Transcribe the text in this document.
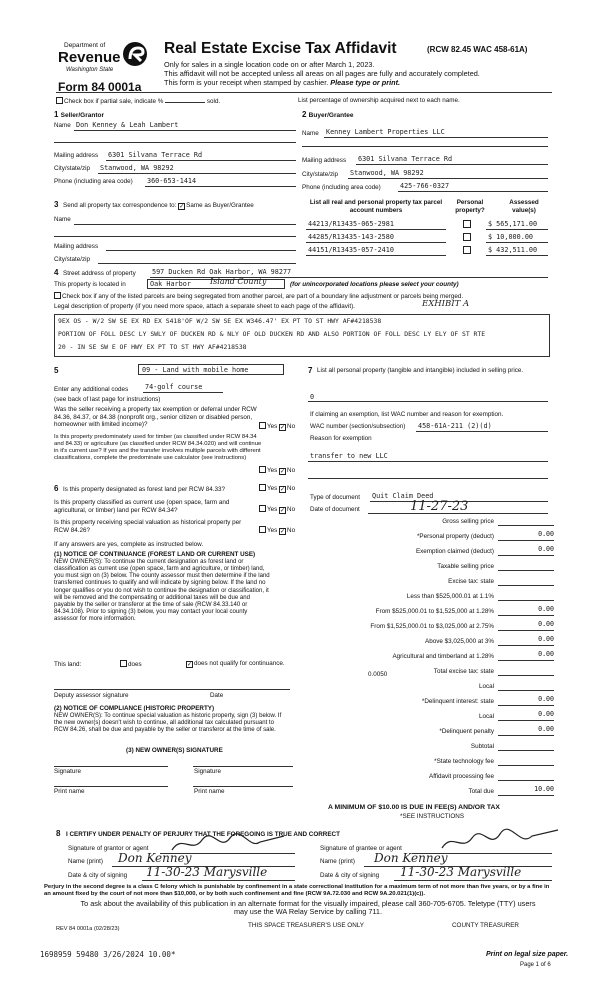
Department of
Revenue
Washington State
Form 84 0001a
Real Estate Excise Tax Affidavit	(RCW 82.45 WAC 458-61A)
Only for sales in a single location code on or after March 1, 2023.
This affidavit will not be accepted unless all areas on all pages are fully and accurately completed.
This form is your receipt when stamped by cashier. Please type or print.
Check box if partial sale, indicate %	sold.	List percentage of ownership acquired next to each name.
1 Seller/Grantor
Name Don Kenney & Leah Lambert
Mailing address 6301 Silvana Terrace Rd
City/state/zip Stanwood, WA 98292
Phone (including area code) 360-653-1414
2 Buyer/Grantee
Name Kenney Lambert Properties LLC
Mailing address 6301 Silvana Terrace Rd
City/state/zip Stanwood, WA 98292
Phone (including area code)	425-766-0327
3 Send all property tax correspondence to: ✓ Same as Buyer/Grantee
Name
Mailing address
City/state/zip
List all real and personal property tax parcel account numbers
Personal property?
Assessed value(s)
44213/R13435-065-2981	$ 565,171.00
44285/R13435-143-2580	$ 10,000.00
44151/R13435-057-2410	$ 432,511.00
4 Street address of property 597 Ducken Rd Oak Harbor, WA 98277
This property is located in	Oak Harbor Island County	(for unincorporated locations please select your county)
Check box if any of the listed parcels are being segregated from another parcel, are part of a boundary line adjustment or parcels being merged.
Legal description of property (if you need more space, attach a separate sheet to each page of the affidavit).	EXHIBIT A
9EX OS - W/2 SW SE EX RD EX S418'OF W/2 SW SE EX W346.47' EX PT TO ST HWY AF#4218538
PORTION OF FOLL DESC LY SWLY OF DUCKEN RD & NLY OF OLD DUCKEN RD AND ALSO PORTION OF FOLL DESC LY ELY OF ST RTE
20 - IN SE SW E OF HWY EX PT TO ST HWY AF#4218538
5	09 - Land with mobile home
Enter any additional codes 74-golf course
(see back of last page for instructions)
Was the seller receiving a property tax exemption or deferral under RCW 84.36, 84.37, or 84.38 (nonprofit org., senior citizen or disabled person, homeowner with limited income)?	Yes ✓ No
Is this property predominately used for timber (as classified under RCW 84.34 and 84.33) or agriculture (as classified under RCW 84.34.020) and will continue in it's current use? If yes and the transfer involves multiple parcels with different classifications, complete the predominate use calculator (see instructions)
Yes ✓ No
6 Is this property designated as forest land per RCW 84.33?	Yes ✓ No
Is this property classified as current use (open space, farm and agricultural, or timber) land per RCW 84.34?	Yes ✓ No
Is this property receiving special valuation as historical property per RCW 84.26?	Yes ✓ No
If any answers are yes, complete as instructed below.
(1) NOTICE OF CONTINUANCE (FOREST LAND OR CURRENT USE)
NEW OWNER(S): To continue the current designation as forest land or classification as current use (open space, farm and agriculture, or timber) land, you must sign on (3) below. The county assessor must then determine if the land transferred continues to qualify and will indicate by signing below. If the land no longer qualifies or you do not wish to continue the designation or classification, it will be removed and the compensating or additional taxes will be due and payable by the seller or transferor at the time of sale (RCW 84.33.140 or 84.34.108). Prior to signing (3) below, you may contact your local county assessor for more information.
This land:	does	✓ does not qualify for continuance.
Deputy assessor signature	Date
(2) NOTICE OF COMPLIANCE (HISTORIC PROPERTY)
NEW OWNER(S): To continue special valuation as historic property, sign (3) below. If the new owner(s) doesn't wish to continue, all additional tax calculated pursuant to RCW 84.26, shall be due and payable by the seller or transferor at the time of sale.
(3) NEW OWNER(S) SIGNATURE
Signature	Signature
Print name	Print name
7 List all personal property (tangible and intangible) included in selling price.
0
If claiming an exemption, list WAC number and reason for exemption.
WAC number (section/subsection) 458-61A-211 (2)(d)
Reason for exemption
transfer to new LLC
Type of document Quit Claim Deed
Date of document	11-27-23
Gross selling price
*Personal property (deduct)	0.00
Exemption claimed (deduct)	0.00
Taxable selling price
Excise tax: state
Less than $525,000.01 at 1.1%
From $525,000.01 to $1,525,000 at 1.28%	0.00
From $1,525,000.01 to $3,025,000 at 2.75%	0.00
Above $3,025,000 at 3%	0.00
Agricultural and timberland at 1.28%	0.00
Total excise tax: state
Local
*Delinquent interest: state	0.00
Local	0.00
*Delinquent penalty	0.00
Subtotal
*State technology fee
Affidavit processing fee
Total due	10.00
0.0050
A MINIMUM OF $10.00 IS DUE IN FEE(S) AND/OR TAX
*SEE INSTRUCTIONS
8 I CERTIFY UNDER PENALTY OF PERJURY THAT THE FOREGOING IS TRUE AND CORRECT
Signature of grantor or agent
Name (print) Don Kenney
Date & city of signing 11-30-23 Marysville
Signature of grantee or agent
Name (print) Don Kenney
Date & city of signing 11-30-23 Marysville
Perjury in the second degree is a class C felony which is punishable by confinement in a state correctional institution for a maximum term of not more than five years, or by a fine in an amount fixed by the court of not more than $10,000, or by both such confinement and fine (RCW 9A.72.030 and RCW 9A.20.021(1)(c)).
To ask about the availability of this publication in an alternate format for the visually impaired, please call 360-705-6705. Teletype (TTY) users may use the WA Relay Service by calling 711.
REV 84 0001a (02/28/23)	THIS SPACE TREASURER'S USE ONLY	COUNTY TREASURER
1698959 59480 3/26/2024 10.00*	Print on legal size paper.
Page 1 of 6
